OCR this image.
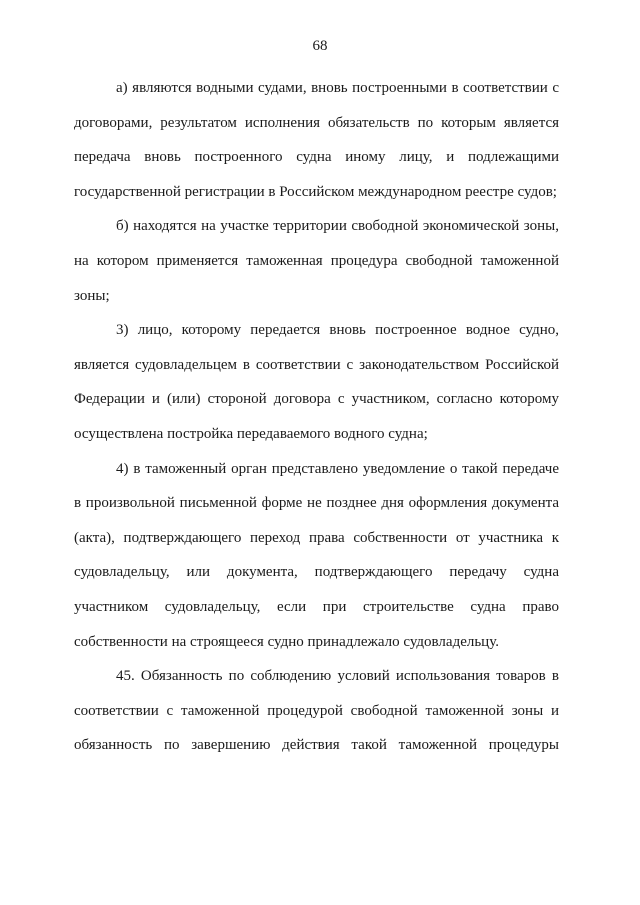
68

а) являются водными судами, вновь построенными в соответствии с договорами, результатом исполнения обязательств по которым является передача вновь построенного судна иному лицу, и подлежащими государственной регистрации в Российском международном реестре судов;

б) находятся на участке территории свободной экономической зоны, на котором применяется таможенная процедура свободной таможенной зоны;

3) лицо, которому передается вновь построенное водное судно, является судовладельцем в соответствии с законодательством Российской Федерации и (или) стороной договора с участником, согласно которому осуществлена постройка передаваемого водного судна;

4) в таможенный орган представлено уведомление о такой передаче в произвольной письменной форме не позднее дня оформления документа (акта), подтверждающего переход права собственности от участника к судовладельцу, или документа, подтверждающего передачу судна участником судовладельцу, если при строительстве судна право собственности на строящееся судно принадлежало судовладельцу.

45. Обязанность по соблюдению условий использования товаров в соответствии с таможенной процедурой свободной таможенной зоны и обязанность по завершению действия такой таможенной процедуры
